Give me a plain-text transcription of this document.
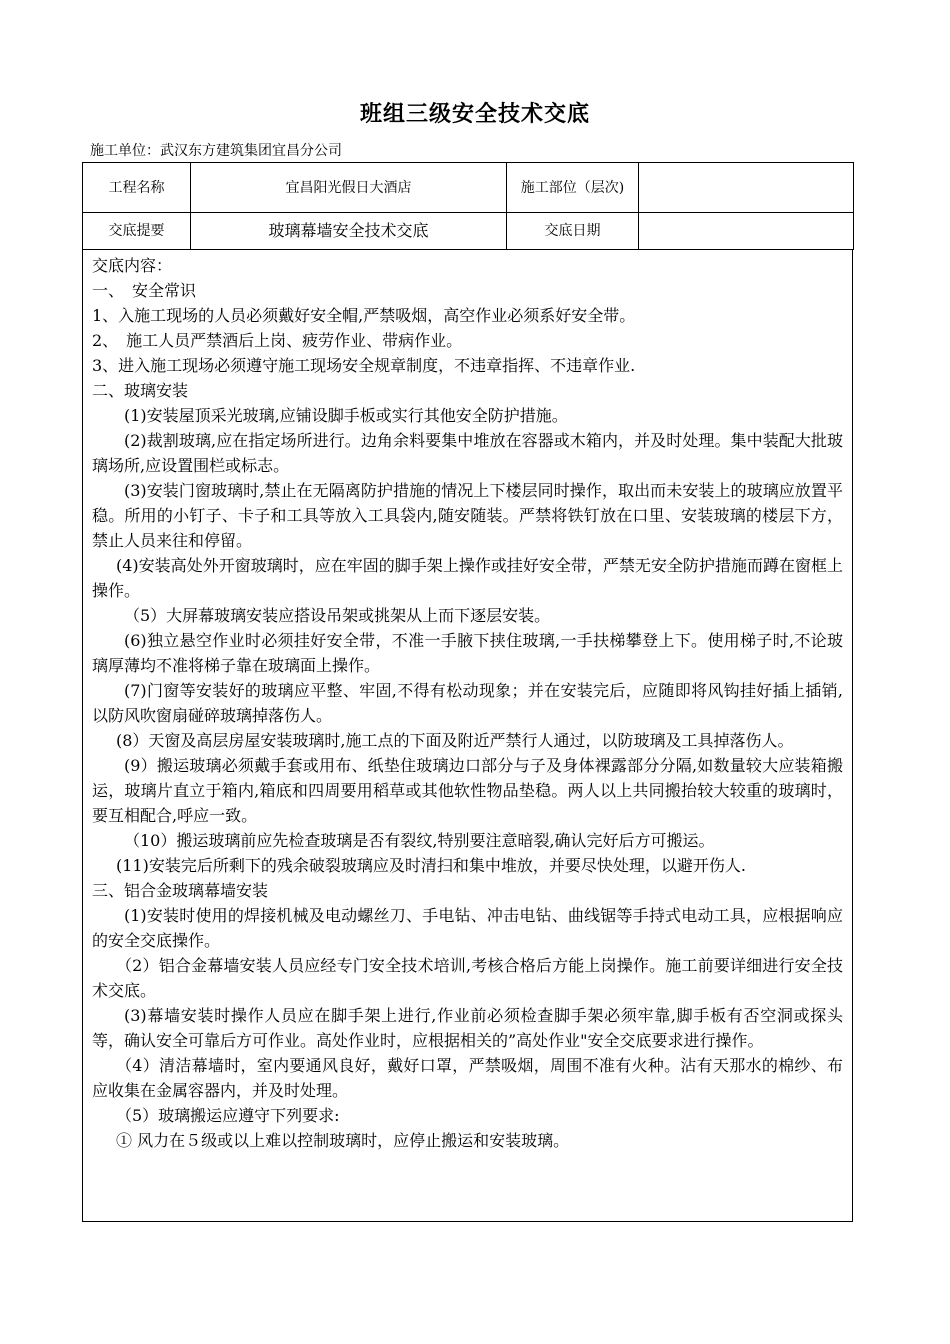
班组三级安全技术交底
施工单位：武汉东方建筑集团宜昌分公司
工程名称	宜昌阳光假日大酒店	施工部位（层次)	
交底提要	玻璃幕墙安全技术交底	交底日期	

交底内容：

一、　安全常识

1、入施工现场的人员必须戴好安全帽,严禁吸烟，高空作业必须系好安全带。

2、　施工人员严禁酒后上岗、疲劳作业、带病作业。

3、进入施工现场必须遵守施工现场安全规章制度，不违章指挥、不违章作业.

二、玻璃安装

(1)安装屋顶采光玻璃,应铺设脚手板或实行其他安全防护措施。

(2)裁割玻璃,应在指定场所进行。边角余料要集中堆放在容器或木箱内，并及时处理。集中装配大批玻璃场所,应设置围栏或标志。

(3)安装门窗玻璃时,禁止在无隔离防护措施的情况上下楼层同时操作，取出而未安装上的玻璃应放置平稳。所用的小钉子、卡子和工具等放入工具袋内,随安随装。严禁将铁钉放在口里、安装玻璃的楼层下方，禁止人员来往和停留。

(4)安装高处外开窗玻璃时，应在牢固的脚手架上操作或挂好安全带，严禁无安全防护措施而蹲在窗框上操作。

（5）大屏幕玻璃安装应搭设吊架或挑架从上而下逐层安装。

(6)独立悬空作业时必须挂好安全带，不准一手腋下挟住玻璃,一手扶梯攀登上下。使用梯子时,不论玻璃厚薄均不准将梯子靠在玻璃面上操作。

(7)门窗等安装好的玻璃应平整、牢固,不得有松动现象；并在安装完后，应随即将风钩挂好插上插销,以防风吹窗扇碰碎玻璃掉落伤人。

(8）天窗及高层房屋安装玻璃时,施工点的下面及附近严禁行人通过，以防玻璃及工具掉落伤人。

(9）搬运玻璃必须戴手套或用布、纸垫住玻璃边口部分与子及身体裸露部分分隔,如数量较大应装箱搬运，玻璃片直立于箱内,箱底和四周要用稻草或其他软性物品垫稳。两人以上共同搬抬较大较重的玻璃时，要互相配合,呼应一致。

（10）搬运玻璃前应先检查玻璃是否有裂纹,特别要注意暗裂,确认完好后方可搬运。

(11)安装完后所剩下的残余破裂玻璃应及时清扫和集中堆放，并要尽快处理，以避开伤人.

三、铝合金玻璃幕墙安装

(1)安装时使用的焊接机械及电动螺丝刀、手电钻、冲击电钻、曲线锯等手持式电动工具，应根据响应的安全交底操作。

（2）铝合金幕墙安装人员应经专门安全技术培训,考核合格后方能上岗操作。施工前要详细进行安全技术交底。

(3)幕墙安装时操作人员应在脚手架上进行,作业前必须检查脚手架必须牢靠,脚手板有否空洞或探头等，确认安全可靠后方可作业。高处作业时，应根据相关的”高处作业"安全交底要求进行操作。

（4）清洁幕墙时，室内要通风良好，戴好口罩，严禁吸烟，周围不准有火种。沾有天那水的棉纱、布应收集在金属容器内，并及时处理。

（5）玻璃搬运应遵守下列要求:

① 风力在５级或以上难以控制玻璃时，应停止搬运和安装玻璃。
